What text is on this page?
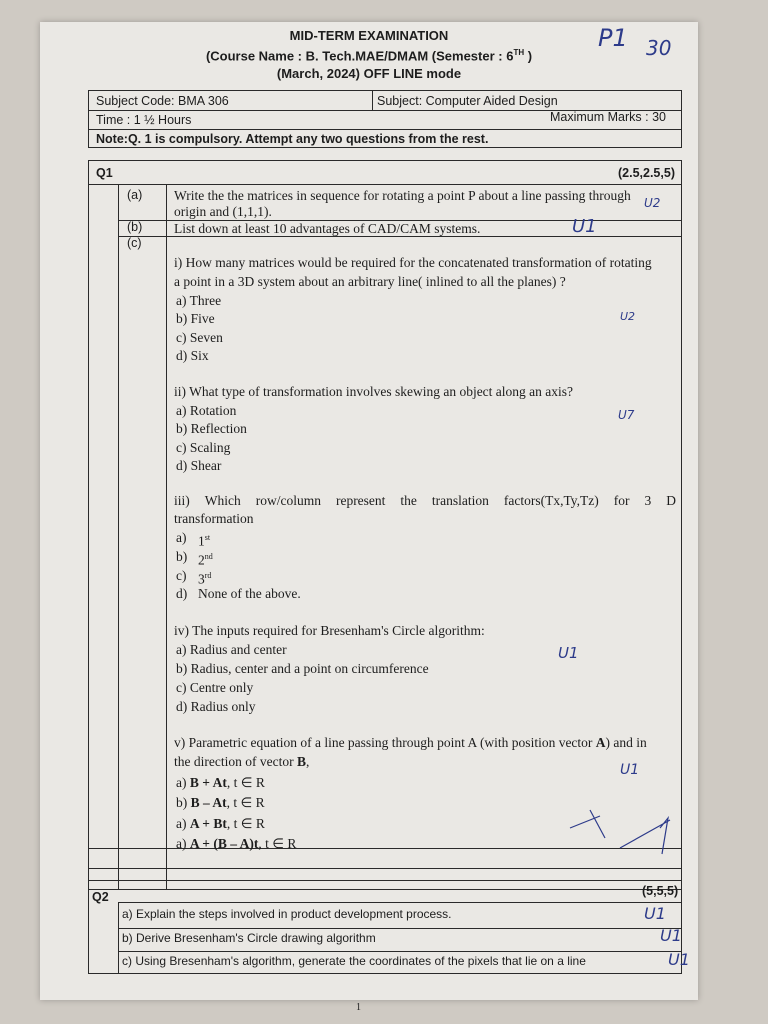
MID-TERM EXAMINATION
(Course Name : B. Tech.MAE/DMAM (Semester : 6TH )
(March, 2024) OFF LINE mode
P1 30
Subject Code: BMA 306	Subject: Computer Aided Design
Time : 1 ½ Hours	Maximum Marks : 30
Note:Q. 1 is compulsory. Attempt any two questions from the rest.
Q1	(2.5,2.5,5)
(a) Write the the matrices in sequence for rotating a point P about a line passing through
origin and (1,1,1).
U2
(b) List down at least 10 advantages of CAD/CAM systems.	U1
(c)
i) How many matrices would be required for the concatenated transformation of rotating
a point in a 3D system about an arbitrary line( inlined to all the planes) ?
a) Three
b) Five
c) Seven
d) Six
U2
ii) What type of transformation involves skewing an object along an axis?
a) Rotation
b) Reflection
c) Scaling
d) Shear
U7
iii) Which row/column represent the translation factors(Tx,Ty,Tz) for 3 D
transformation
a) 1st
b) 2nd
c) 3rd
d) None of the above.
iv) The inputs required for Bresenham's Circle algorithm:
a) Radius and center
b) Radius, center and a point on circumference
c) Centre only
d) Radius only
U1
v) Parametric equation of a line passing through point A (with position vector A) and in
the direction of vector B,
a) B + At, t ∈ R
b) B – At, t ∈ R
a) A + Bt, t ∈ R
a) A + (B – A)t, t ∈ R
U1
Q2	(5,5,5)
a) Explain the steps involved in product development process.
b) Derive Bresenham's Circle drawing algorithm
c) Using Bresenham's algorithm, generate the coordinates of the pixels that lie on a line
U1
U1
U1
1
